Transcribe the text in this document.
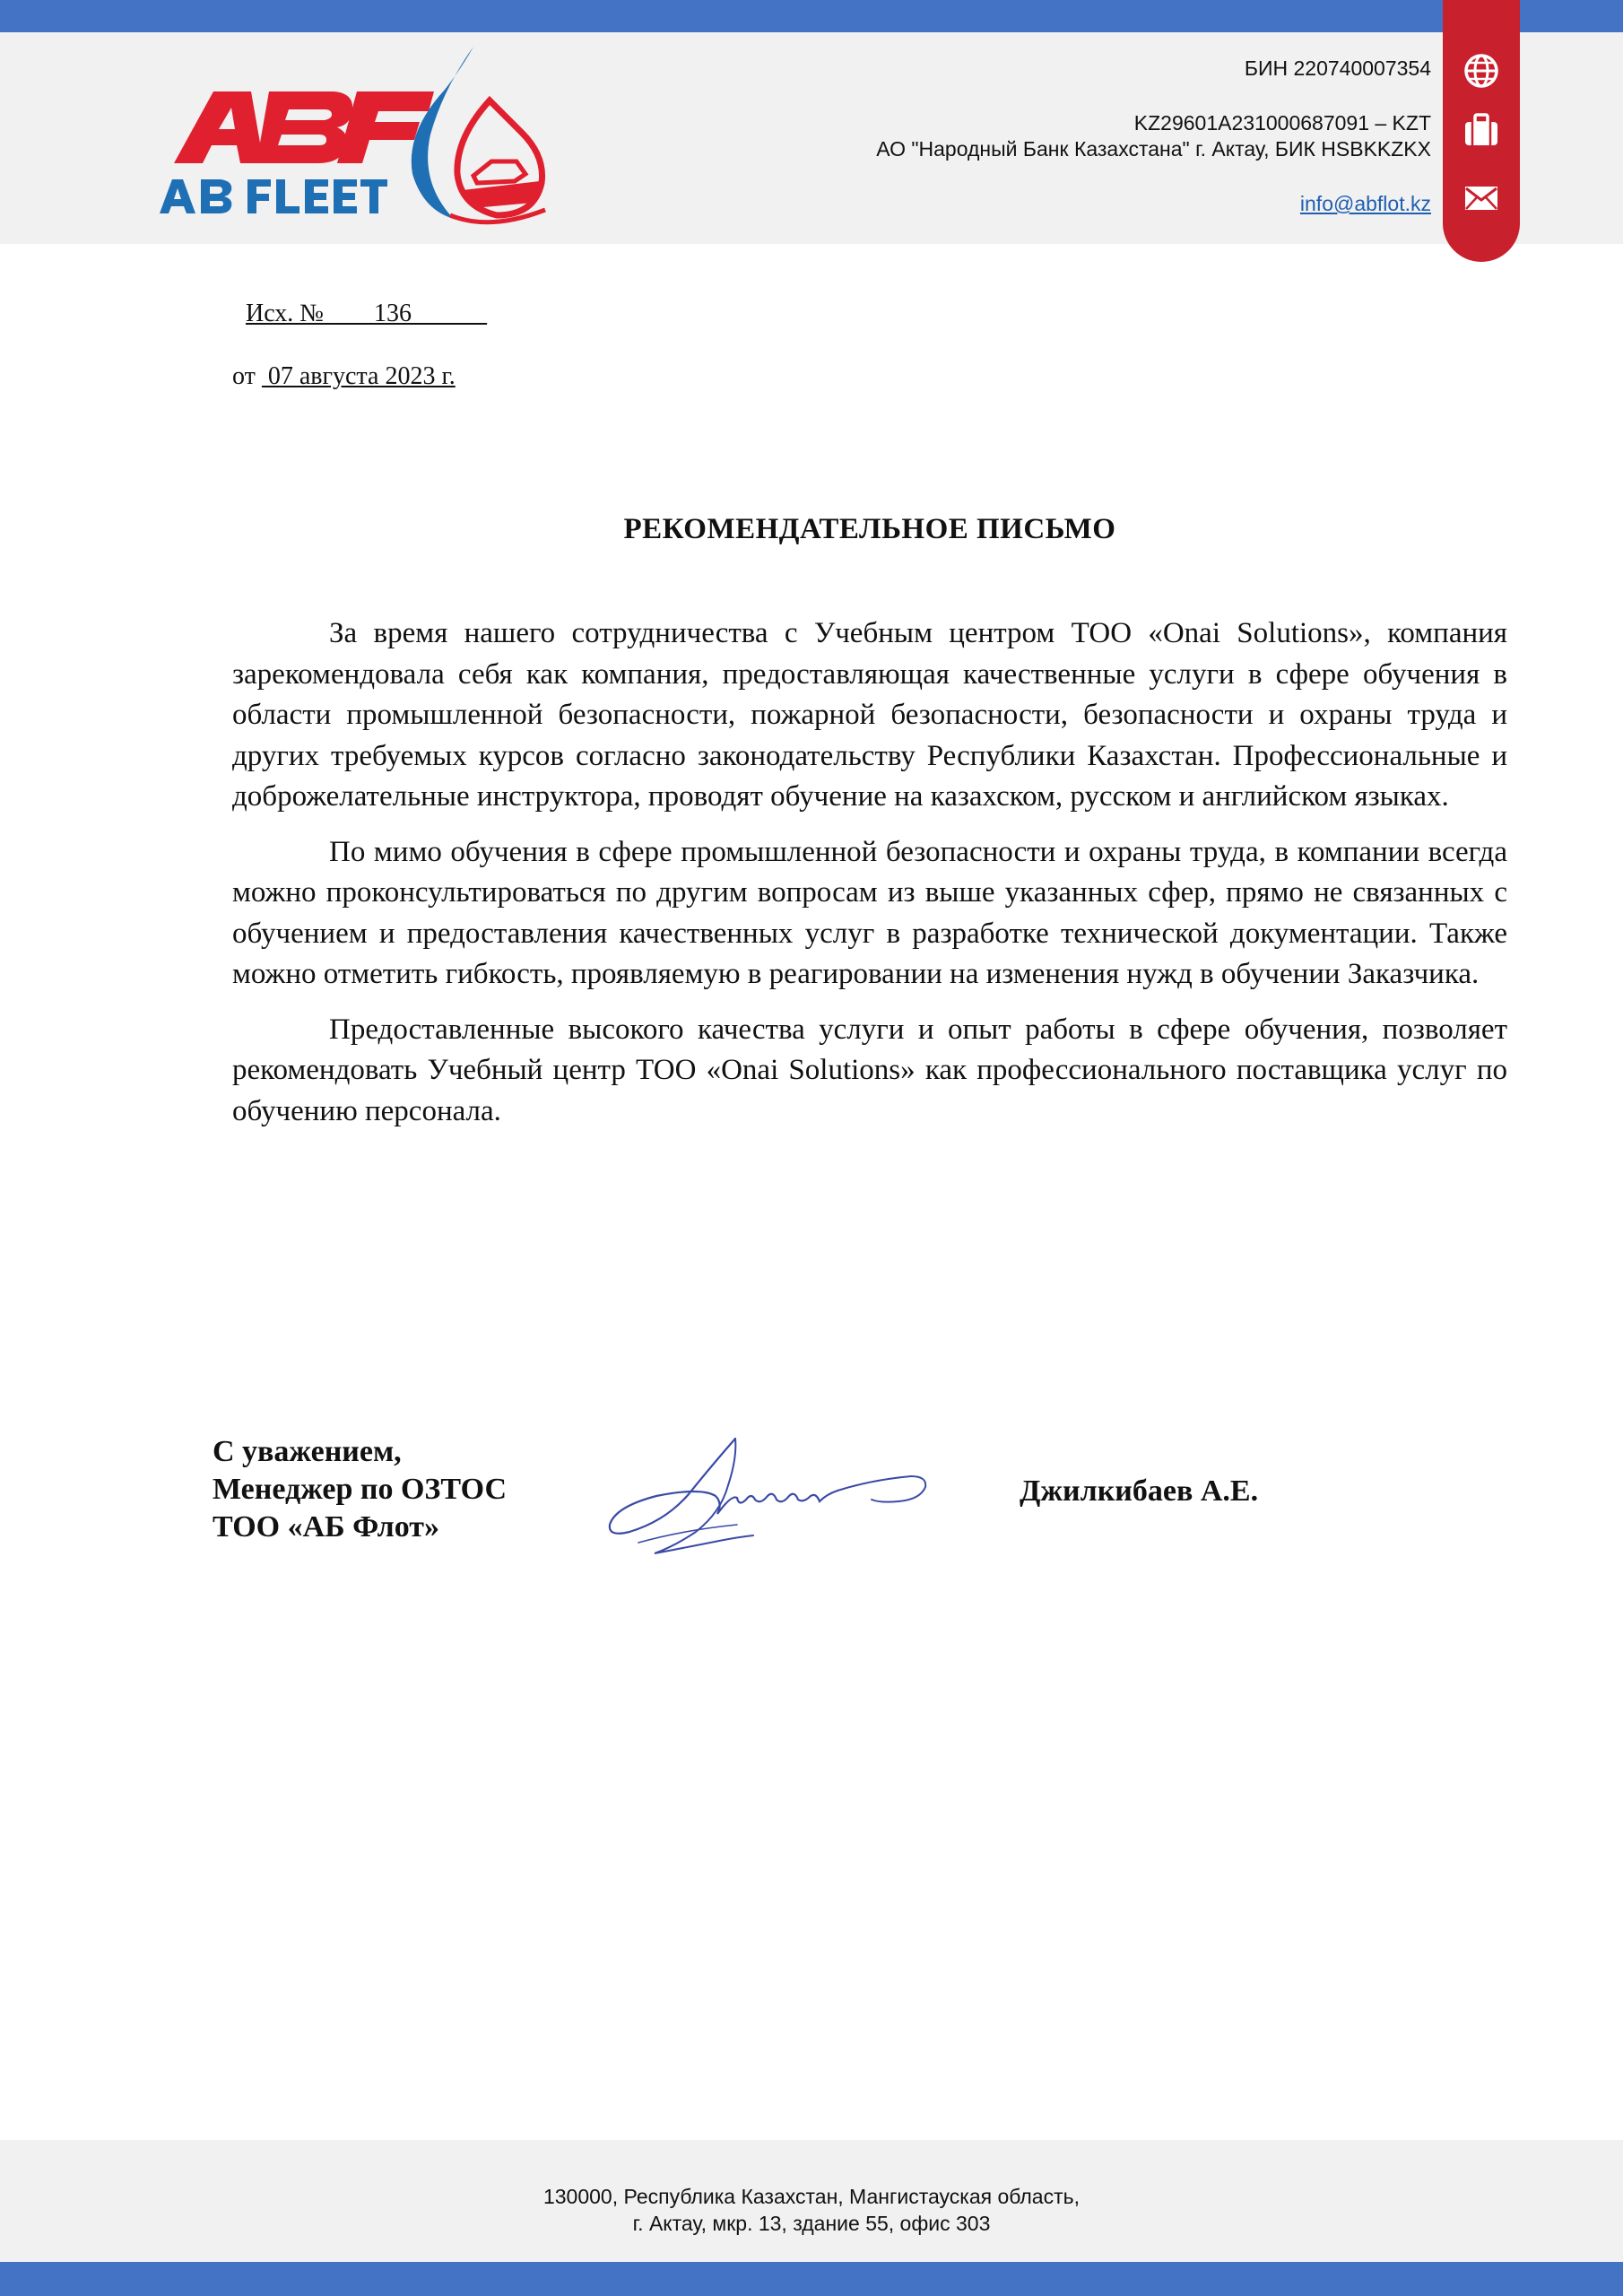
БИН 220740007354
KZ29601A231000687091 – KZT
АО "Народный Банк Казахстана" г. Актау, БИК HSBKKZKX
info@abflot.kz
Исх. № ___136______
от  07 августа 2023 г.
РЕКОМЕНДАТЕЛЬНОЕ ПИСЬМО

За время нашего сотрудничества с Учебным центром ТОО «Onai Solutions», компания зарекомендовала себя как компания, предоставляющая качественные услуги в сфере обучения в области промышленной безопасности, пожарной безопасности, безопасности и охраны труда и других требуемых курсов согласно законодательству Республики Казахстан. Профессиональные и доброжелательные инструктора, проводят обучение на казахском, русском и английском языках.

По мимо обучения в сфере промышленной безопасности и охраны труда, в компании всегда можно проконсультироваться по другим вопросам из выше указанных сфер, прямо не связанных с обучением и предоставления качественных услуг в разработке технической документации. Также можно отметить гибкость, проявляемую в реагировании на изменения нужд в обучении Заказчика.

Предоставленные высокого качества услуги и опыт работы в сфере обучения, позволяет рекомендовать Учебный центр ТОО «Onai Solutions» как профессионального поставщика услуг по обучению персонала.

С уважением,
Менеджер по ОЗТОС
ТОО «АБ Флот»
Джилкибаев А.Е.
130000, Республика Казахстан, Мангистауская область,
г. Актау, мкр. 13, здание 55, офис 303
